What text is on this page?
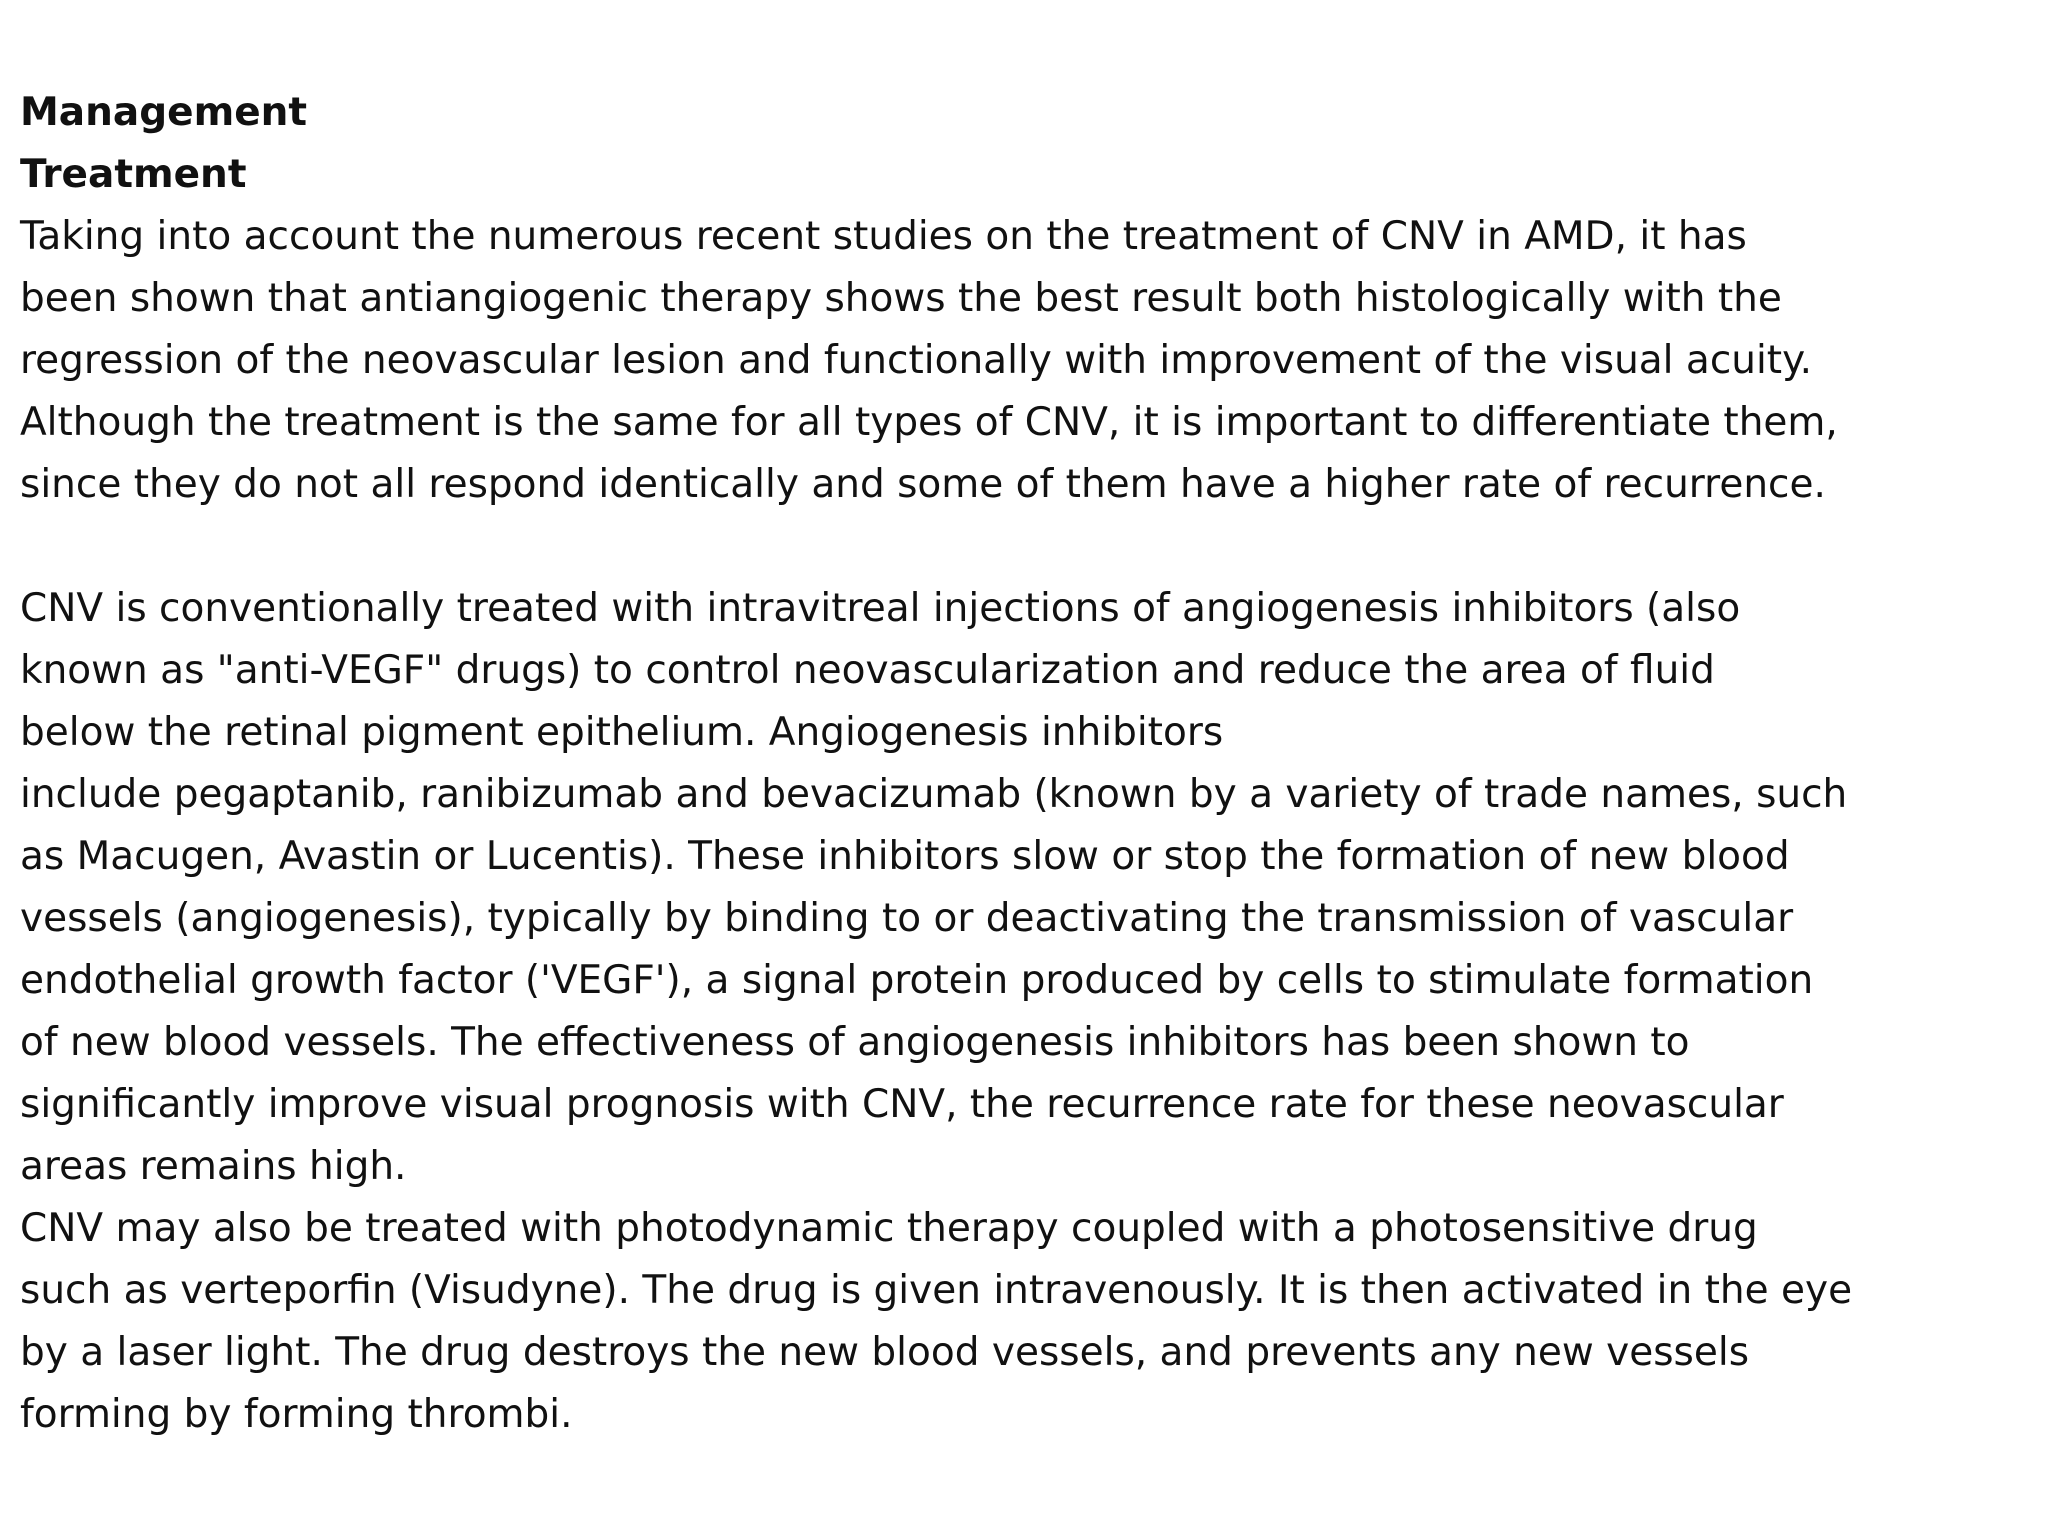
Management
Treatment
Taking into account the numerous recent studies on the treatment of CNV in AMD, it has
been shown that antiangiogenic therapy shows the best result both histologically with the
regression of the neovascular lesion and functionally with improvement of the visual acuity.
Although the treatment is the same for all types of CNV, it is important to differentiate them,
since they do not all respond identically and some of them have a higher rate of recurrence.
CNV is conventionally treated with intravitreal injections of angiogenesis inhibitors (also
known as "anti-VEGF" drugs) to control neovascularization and reduce the area of fluid
below the retinal pigment epithelium. Angiogenesis inhibitors
include pegaptanib, ranibizumab and bevacizumab (known by a variety of trade names, such
as Macugen, Avastin or Lucentis). These inhibitors slow or stop the formation of new blood
vessels (angiogenesis), typically by binding to or deactivating the transmission of vascular
endothelial growth factor ('VEGF'), a signal protein produced by cells to stimulate formation
of new blood vessels. The effectiveness of angiogenesis inhibitors has been shown to
significantly improve visual prognosis with CNV, the recurrence rate for these neovascular
areas remains high.
CNV may also be treated with photodynamic therapy coupled with a photosensitive drug
such as verteporfin (Visudyne). The drug is given intravenously. It is then activated in the eye
by a laser light. The drug destroys the new blood vessels, and prevents any new vessels
forming by forming thrombi.
